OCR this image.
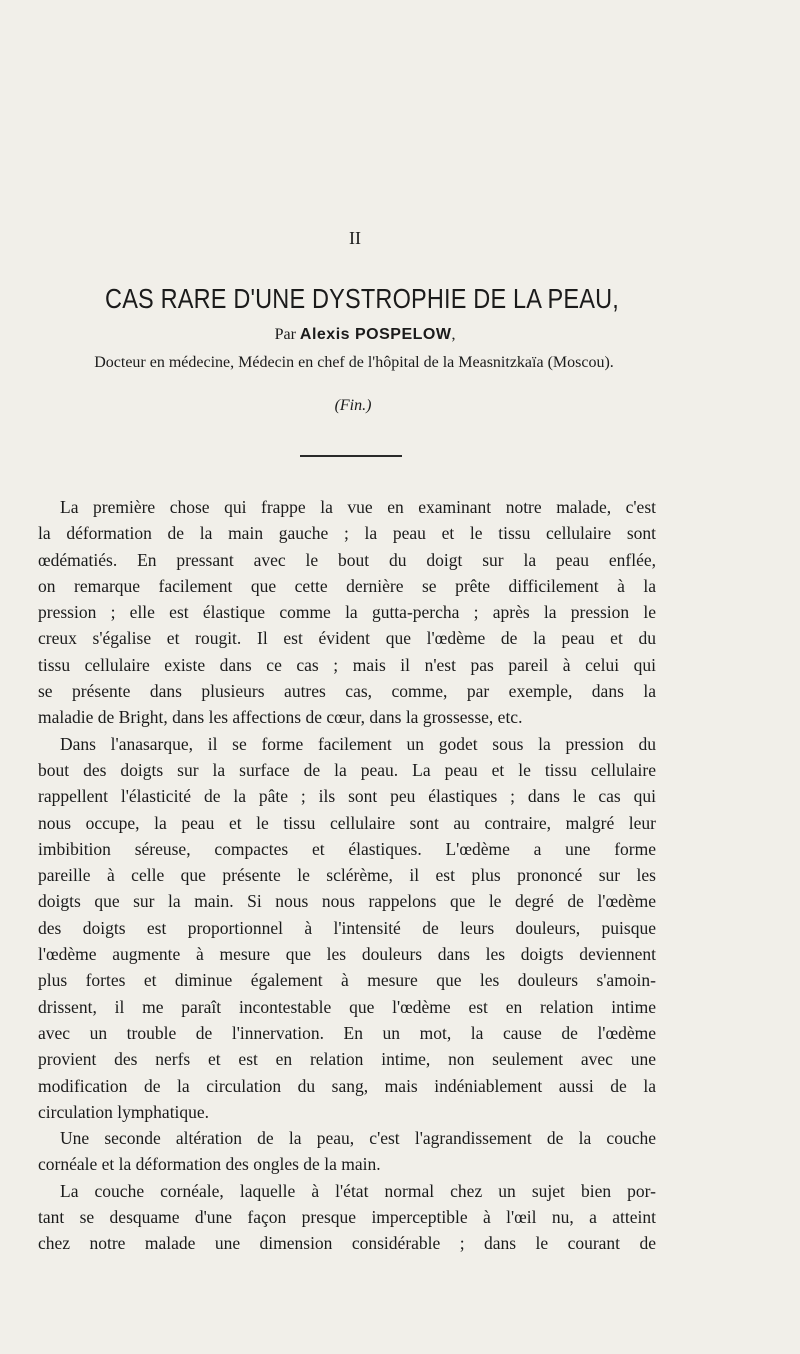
II
CAS RARE D'UNE DYSTROPHIE DE LA PEAU,
Par Alexis POSPELOW,
Docteur en médecine, Médecin en chef de l'hôpital de la Measnitzkaïa (Moscou).
(Fin.)
La première chose qui frappe la vue en examinant notre malade, c'est
la déformation de la main gauche ; la peau et le tissu cellulaire sont
œdématiés. En pressant avec le bout du doigt sur la peau enflée,
on remarque facilement que cette dernière se prête difficilement à la
pression ; elle est élastique comme la gutta-percha ; après la pression le
creux s'égalise et rougit. Il est évident que l'œdème de la peau et du
tissu cellulaire existe dans ce cas ; mais il n'est pas pareil à celui qui
se présente dans plusieurs autres cas, comme, par exemple, dans la
maladie de Bright, dans les affections de cœur, dans la grossesse, etc.
Dans l'anasarque, il se forme facilement un godet sous la pression du
bout des doigts sur la surface de la peau. La peau et le tissu cellulaire
rappellent l'élasticité de la pâte ; ils sont peu élastiques ; dans le cas qui
nous occupe, la peau et le tissu cellulaire sont au contraire, malgré leur
imbibition séreuse, compactes et élastiques. L'œdème a une forme
pareille à celle que présente le sclérème, il est plus prononcé sur les
doigts que sur la main. Si nous nous rappelons que le degré de l'œdème
des doigts est proportionnel à l'intensité de leurs douleurs, puisque
l'œdème augmente à mesure que les douleurs dans les doigts deviennent
plus fortes et diminue également à mesure que les douleurs s'amoin-
drissent, il me paraît incontestable que l'œdème est en relation intime
avec un trouble de l'innervation. En un mot, la cause de l'œdème
provient des nerfs et est en relation intime, non seulement avec une
modification de la circulation du sang, mais indéniablement aussi de la
circulation lymphatique.
Une seconde altération de la peau, c'est l'agrandissement de la couche
cornéale et la déformation des ongles de la main.
La couche cornéale, laquelle à l'état normal chez un sujet bien por-
tant se desquame d'une façon presque imperceptible à l'œil nu, a atteint
chez notre malade une dimension considérable ; dans le courant de
